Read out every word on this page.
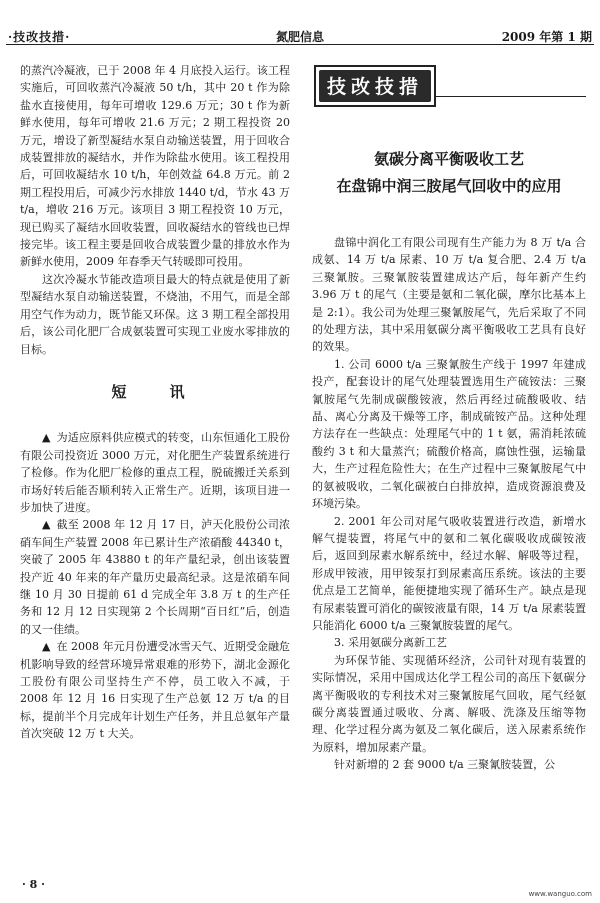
·技改技措·	氮肥信息	2009 年第 1 期

的蒸汽冷凝液，已于 2008 年 4 月底投入运行。该工程实施后，可回收蒸汽冷凝液 50 t/h，其中 20 t 作为除盐水直接使用，每年可增收 129.6 万元；30 t 作为新鲜水使用，每年可增收 21.6 万元；2 期工程投资 20 万元，增设了新型凝结水泵自动输送装置，用于回收合成装置排放的凝结水，并作为除盐水使用。该工程投用后，可回收凝结水 10 t/h，年创效益 64.8 万元。前 2 期工程投用后，可减少污水排放 1440 t/d，节水 43 万 t/a，增收 216 万元。该项目 3 期工程投资 10 万元，现已购买了凝结水回收装置，回收凝结水的管线也已焊接完毕。该工程主要是回收合成装置少量的排放水作为新鲜水使用，2009 年春季天气转暖即可投用。

这次冷凝水节能改造项目最大的特点就是使用了新型凝结水泵自动输送装置，不烧油，不用气，而是全部用空气作为动力，既节能又环保。这 3 期工程全部投用后，该公司化肥厂合成氨装置可实现工业废水零排放的目标。

短　讯

▲ 为适应原料供应模式的转变，山东恒通化工股份有限公司投资近 3000 万元，对化肥生产装置系统进行了检修。作为化肥厂检修的重点工程，脱硫搬迁关系到市场好转后能否顺利转入正常生产。近期，该项目进一步加快了进度。

▲ 截至 2008 年 12 月 17 日，泸天化股份公司浓硝车间生产装置 2008 年已累计生产浓硝酸 44340 t，突破了 2005 年 43880 t 的年产量纪录，创出该装置投产近 40 年来的年产量历史最高纪录。这是浓硝车间继 10 月 30 日提前 61 d 完成全年 3.8 万 t 的生产任务和 12 月 12 日实现第 2 个长周期“百日红”后，创造的又一佳绩。

▲ 在 2008 年元月份遭受冰雪天气、近期受金融危机影响导致的经营环境异常艰难的形势下，湖北金源化工股份有限公司坚持生产不停，员工收入不减，于 2008 年 12 月 16 日实现了生产总氨 12 万 t/a 的目标，提前半个月完成年计划生产任务，并且总氨年产量首次突破 12 万 t 大关。

技改技措
氨碳分离平衡吸收工艺
在盘锦中润三胺尾气回收中的应用

盘锦中润化工有限公司现有生产能力为 8 万 t/a 合成氨、14 万 t/a 尿素、10 万 t/a 复合肥、2.4 万 t/a 三聚氰胺。三聚氰胺装置建成达产后，每年新产生约 3.96 万 t 的尾气（主要是氨和二氧化碳，摩尔比基本上是 2:1）。我公司为处理三聚氰胺尾气，先后采取了不同的处理方法，其中采用氨碳分离平衡吸收工艺具有良好的效果。

1. 公司 6000 t/a 三聚氰胺生产线于 1997 年建成投产，配套设计的尾气处理装置选用生产硫铵法：三聚氰胺尾气先制成碳酸铵液，然后再经过硫酸吸收、结晶、离心分离及干燥等工序，制成硫铵产品。这种处理方法存在一些缺点：处理尾气中的 1 t 氨，需消耗浓硫酸约 3 t 和大量蒸汽；硫酸价格高，腐蚀性强，运输量大，生产过程危险性大；在生产过程中三聚氰胺尾气中的氨被吸收，二氧化碳被白白排放掉，造成资源浪费及环境污染。

2. 2001 年公司对尾气吸收装置进行改造，新增水解气提装置，将尾气中的氨和二氧化碳吸收成碳铵液后，返回到尿素水解系统中，经过水解、解吸等过程，形成甲铵液，用甲铵泵打到尿素高压系统。该法的主要优点是工艺简单，能便捷地实现了循环生产。缺点是现有尿素装置可消化的碳铵液量有限，14 万 t/a 尿素装置只能消化 6000 t/a 三聚氰胺装置的尾气。

3. 采用氨碳分离新工艺

为环保节能、实现循环经济，公司针对现有装置的实际情况，采用中国成达化学工程公司的高压下氨碳分离平衡吸收的专利技术对三聚氰胺尾气回收，尾气经氨碳分离装置通过吸收、分离、解吸、洗涤及压缩等物理、化学过程分离为氨及二氧化碳后，送入尿素系统作为原料，增加尿素产量。

针对新增的 2 套 9000 t/a 三聚氰胺装置，公

· 8 ·
www.wanguo.com
